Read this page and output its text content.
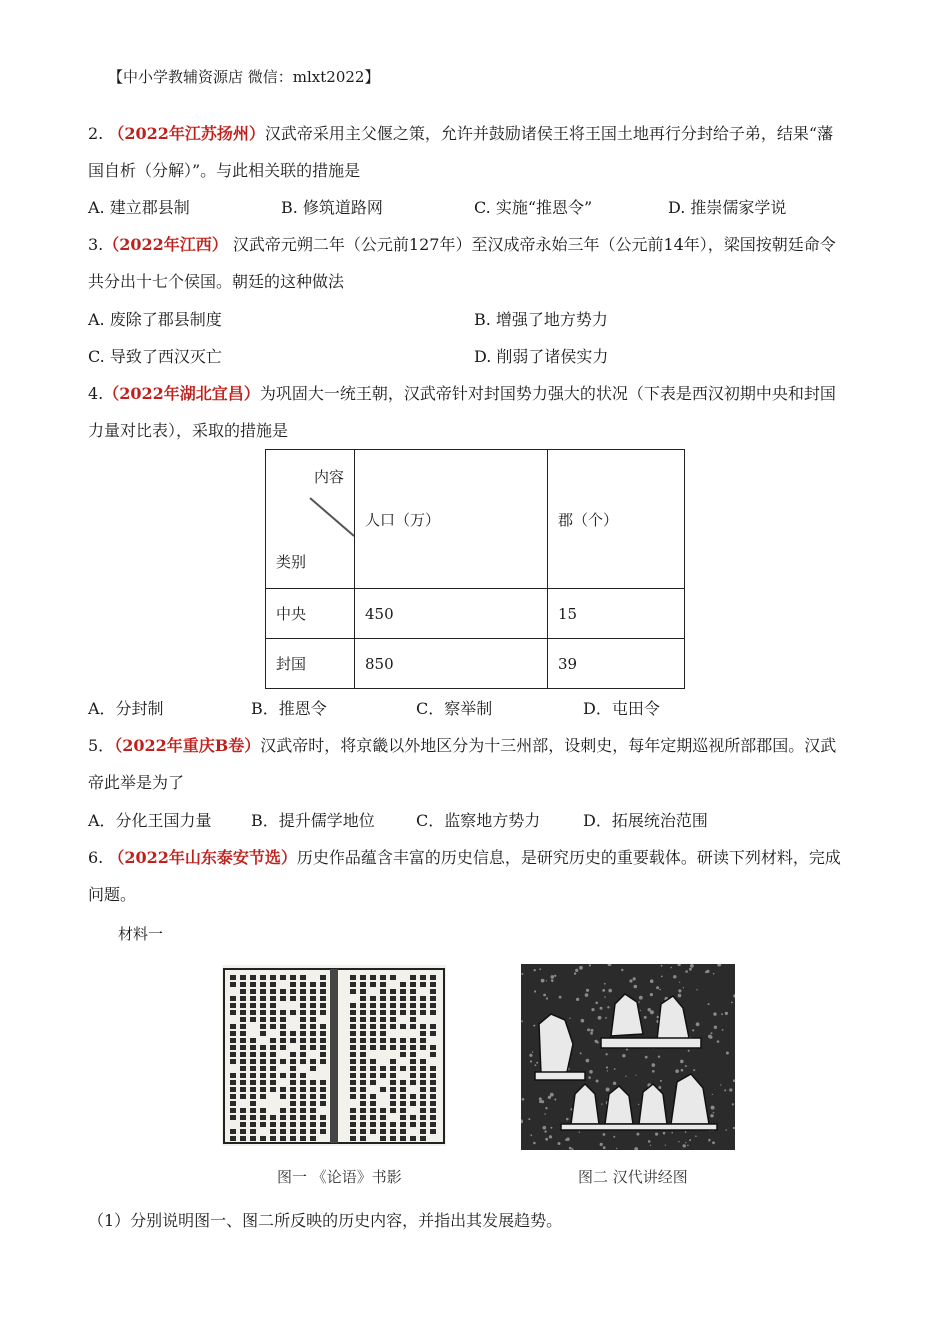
【中小学教辅资源店 微信：mlxt2022】
2. （2022年江苏扬州）汉武帝采用主父偃之策，允许并鼓励诸侯王将王国土地再行分封给子弟，结果“藩
国自析（分解）”。与此相关联的措施是
A. 建立郡县制	B. 修筑道路网	C. 实施“推恩令”	D. 推崇儒家学说
3.（2022年江西） 汉武帝元朔二年（公元前127年）至汉成帝永始三年（公元前14年），梁国按朝廷命令
共分出十七个侯国。朝廷的这种做法
A. 废除了郡县制度	B. 增强了地方势力
C. 导致了西汉灭亡	D. 削弱了诸侯实力
4.（2022年湖北宜昌）为巩固大一统王朝，汉武帝针对封国势力强大的状况（下表是西汉初期中央和封国
力量对比表），采取的措施是
内容
类别	人口（万）	郡（个）
中央	450	15
封国	850	39
A．分封制	B．推恩令	C．察举制	D．屯田令
5．（2022年重庆B卷）汉武帝时，将京畿以外地区分为十三州部，设刺史，每年定期巡视所部郡国。汉武
帝此举是为了
A．分化王国力量 B．提升儒学地位	C．监察地方势力	D．拓展统治范围
6. （2022年山东泰安节选）历史作品蕴含丰富的历史信息，是研究历史的重要载体。研读下列材料，完成
问题。
材料一
图一 《论语》书影	图二 汉代讲经图
（1）分别说明图一、图二所反映的历史内容，并指出其发展趋势。
